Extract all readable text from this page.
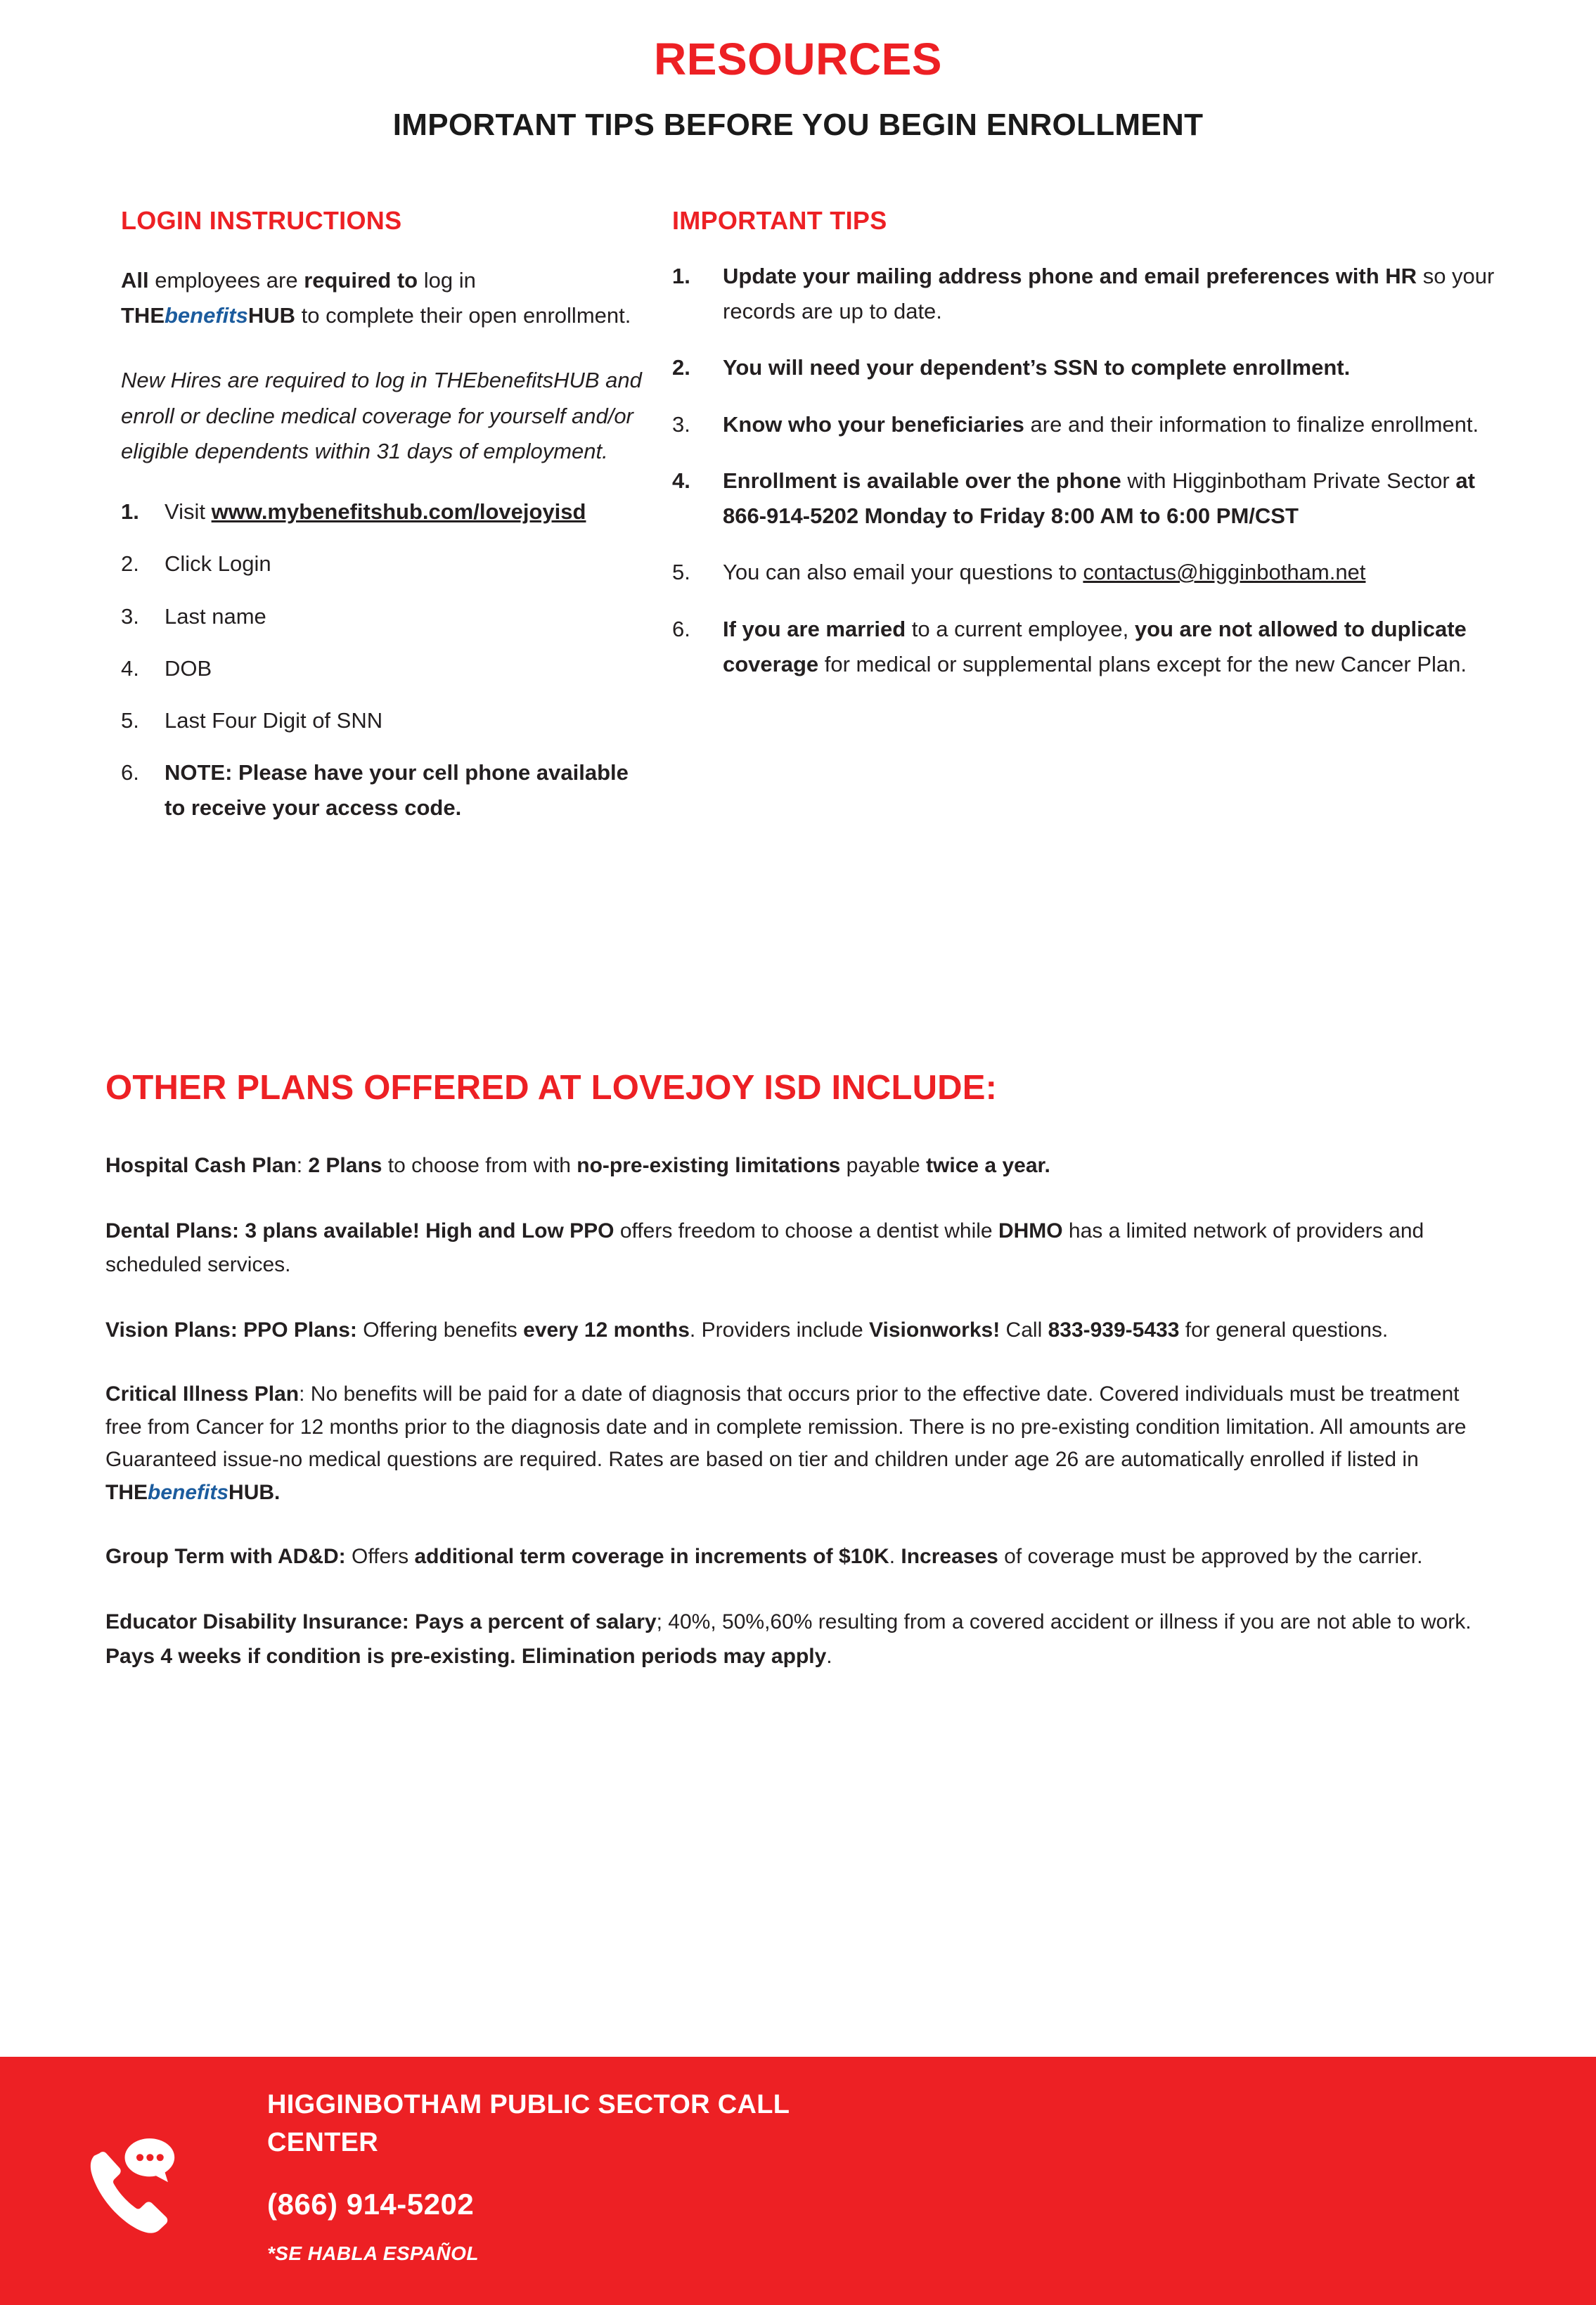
RESOURCES
IMPORTANT TIPS BEFORE YOU BEGIN ENROLLMENT
LOGIN INSTRUCTIONS
All employees are required to log in THEbenefitsHUB to complete their open enrollment.
New Hires are required to log in THEbenefitsHUB and enroll or decline medical coverage for yourself and/or eligible dependents within 31 days of employment.
1.	Visit www.mybenefitshub.com/lovejoyisd
2.	Click Login
3.	Last name
4.	DOB
5.	Last Four Digit of SNN
6.	NOTE: Please have your cell phone available to receive your access code.
IMPORTANT TIPS
1.	Update your mailing address phone and email preferences with HR so your records are up to date.
2.	You will need your dependent’s SSN to complete enrollment.
3.	Know who your beneficiaries are and their information to finalize enrollment.
4.	Enrollment is available over the phone with Higginbotham Private Sector at 866-914-5202 Monday to Friday 8:00 AM to 6:00 PM/CST
5.	You can also email your questions to contactus@higginbotham.net
6.	If you are married to a current employee, you are not allowed to duplicate coverage for medical or supplemental plans except for the new Cancer Plan.
OTHER PLANS OFFERED AT LOVEJOY ISD INCLUDE:
Hospital Cash Plan: 2 Plans to choose from with no-pre-existing limitations payable twice a year.
Dental Plans: 3 plans available! High and Low PPO offers freedom to choose a dentist while DHMO has a limited network of providers and scheduled services.
Vision Plans: PPO Plans: Offering benefits every 12 months. Providers include Visionworks! Call 833-939-5433 for general questions.
Critical Illness Plan: No benefits will be paid for a date of diagnosis that occurs prior to the effective date. Covered individuals must be treatment free from Cancer for 12 months prior to the diagnosis date and in complete remission. There is no pre-existing condition limitation. All amounts are Guaranteed issue-no medical questions are required. Rates are based on tier and children under age 26 are automatically enrolled if listed in THEbenefitsHUB.
Group Term with AD&D: Offers additional term coverage in increments of $10K. Increases of coverage must be approved by the carrier.
Educator Disability Insurance: Pays a percent of salary; 40%, 50%,60% resulting from a covered accident or illness if you are not able to work. Pays 4 weeks if condition is pre-existing. Elimination periods may apply.
HIGGINBOTHAM PUBLIC SECTOR CALL CENTER
(866) 914-5202
*SE HABLA ESPAÑOL
